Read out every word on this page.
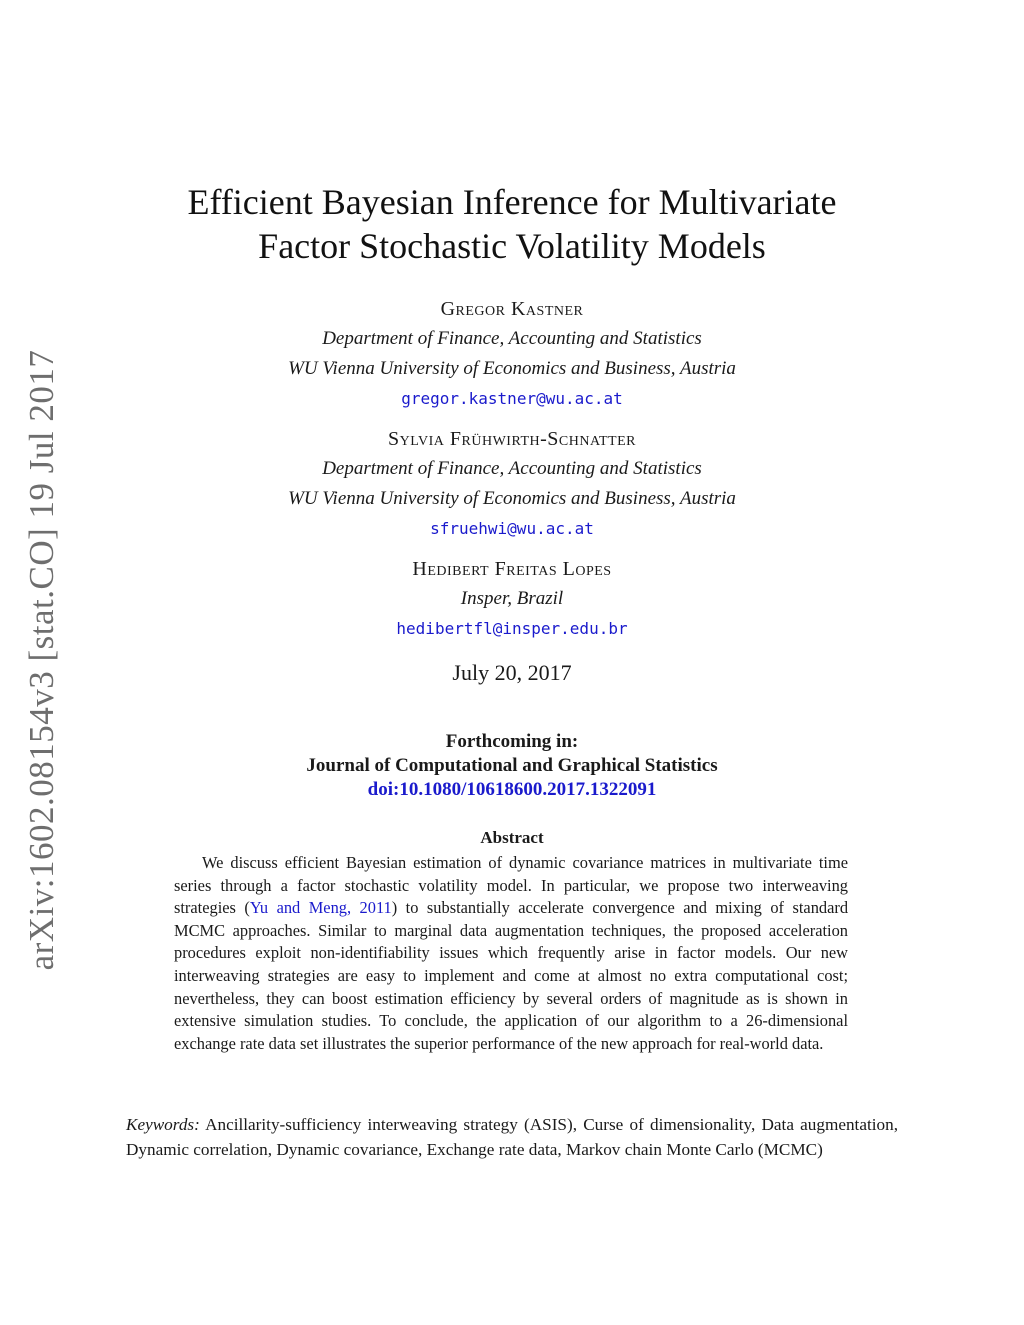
arXiv:1602.08154v3 [stat.CO] 19 Jul 2017
Efficient Bayesian Inference for Multivariate
Factor Stochastic Volatility Models
Gregor Kastner
Department of Finance, Accounting and Statistics
WU Vienna University of Economics and Business, Austria
gregor.kastner@wu.ac.at
Sylvia Frühwirth-Schnatter
Department of Finance, Accounting and Statistics
WU Vienna University of Economics and Business, Austria
sfruehwi@wu.ac.at
Hedibert Freitas Lopes
Insper, Brazil
hedibertfl@insper.edu.br
July 20, 2017
Forthcoming in:
Journal of Computational and Graphical Statistics
doi:10.1080/10618600.2017.1322091
Abstract
We discuss efficient Bayesian estimation of dynamic covariance matrices in multivariate time series through a factor stochastic volatility model. In particular, we propose two interweaving strategies (Yu and Meng, 2011) to substantially accelerate convergence and mixing of standard MCMC approaches. Similar to marginal data augmentation techniques, the proposed acceleration procedures exploit non-identifiability issues which frequently arise in factor models. Our new interweaving strategies are easy to implement and come at almost no extra computational cost; nevertheless, they can boost estimation efficiency by several orders of magnitude as is shown in extensive simulation studies. To conclude, the application of our algorithm to a 26-dimensional exchange rate data set illustrates the superior performance of the new approach for real-world data.
Keywords: Ancillarity-sufficiency interweaving strategy (ASIS), Curse of dimensionality, Data augmentation, Dynamic correlation, Dynamic covariance, Exchange rate data, Markov chain Monte Carlo (MCMC)
